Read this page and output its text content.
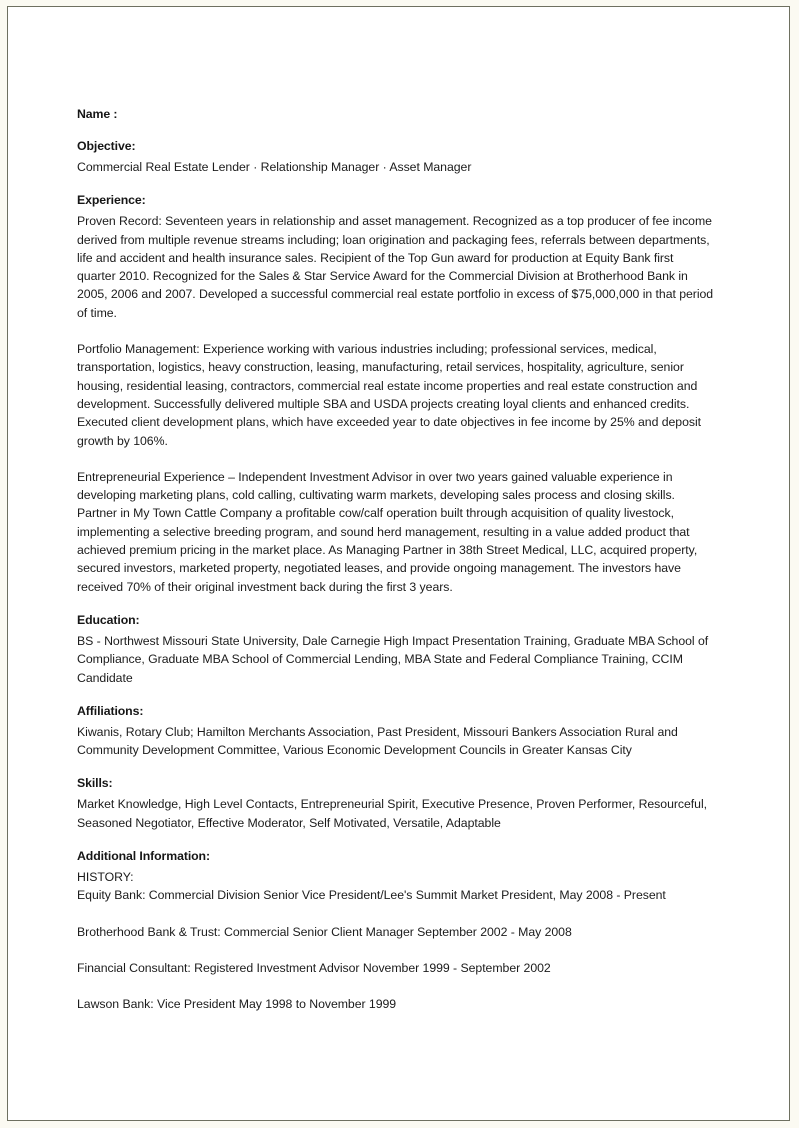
Name :
Objective:

Commercial Real Estate Lender · Relationship Manager · Asset Manager

Experience:

Proven Record: Seventeen years in relationship and asset management. Recognized as a top producer of fee income derived from multiple revenue streams including; loan origination and packaging fees, referrals between departments, life and accident and health insurance sales. Recipient of the Top Gun award for production at Equity Bank first quarter 2010. Recognized for the Sales & Star Service Award for the Commercial Division at Brotherhood Bank in 2005, 2006 and 2007. Developed a successful commercial real estate portfolio in excess of $75,000,000 in that period of time.

Portfolio Management: Experience working with various industries including; professional services, medical, transportation, logistics, heavy construction, leasing, manufacturing, retail services, hospitality, agriculture, senior housing, residential leasing, contractors, commercial real estate income properties and real estate construction and development. Successfully delivered multiple SBA and USDA projects creating loyal clients and enhanced credits. Executed client development plans, which have exceeded year to date objectives in fee income by 25% and deposit growth by 106%.

Entrepreneurial Experience – Independent Investment Advisor in over two years gained valuable experience in developing marketing plans, cold calling, cultivating warm markets, developing sales process and closing skills. Partner in My Town Cattle Company a profitable cow/calf operation built through acquisition of quality livestock, implementing a selective breeding program, and sound herd management, resulting in a value added product that achieved premium pricing in the market place. As Managing Partner in 38th Street Medical, LLC, acquired property, secured investors, marketed property, negotiated leases, and provide ongoing management. The investors have received 70% of their original investment back during the first 3 years.

Education:

BS - Northwest Missouri State University, Dale Carnegie High Impact Presentation Training, Graduate MBA School of Compliance, Graduate MBA School of Commercial Lending, MBA State and Federal Compliance Training, CCIM Candidate

Affiliations:

Kiwanis, Rotary Club; Hamilton Merchants Association, Past President, Missouri Bankers Association Rural and Community Development Committee, Various Economic Development Councils in Greater Kansas City

Skills:

Market Knowledge, High Level Contacts, Entrepreneurial Spirit, Executive Presence, Proven Performer, Resourceful, Seasoned Negotiator, Effective Moderator, Self Motivated, Versatile, Adaptable

Additional Information:
HISTORY:
Equity Bank: Commercial Division Senior Vice President/Lee's Summit Market President, May 2008 - Present
Brotherhood Bank & Trust: Commercial Senior Client Manager September 2002 - May 2008
Financial Consultant: Registered Investment Advisor November 1999 - September 2002
Lawson Bank: Vice President May 1998 to November 1999
